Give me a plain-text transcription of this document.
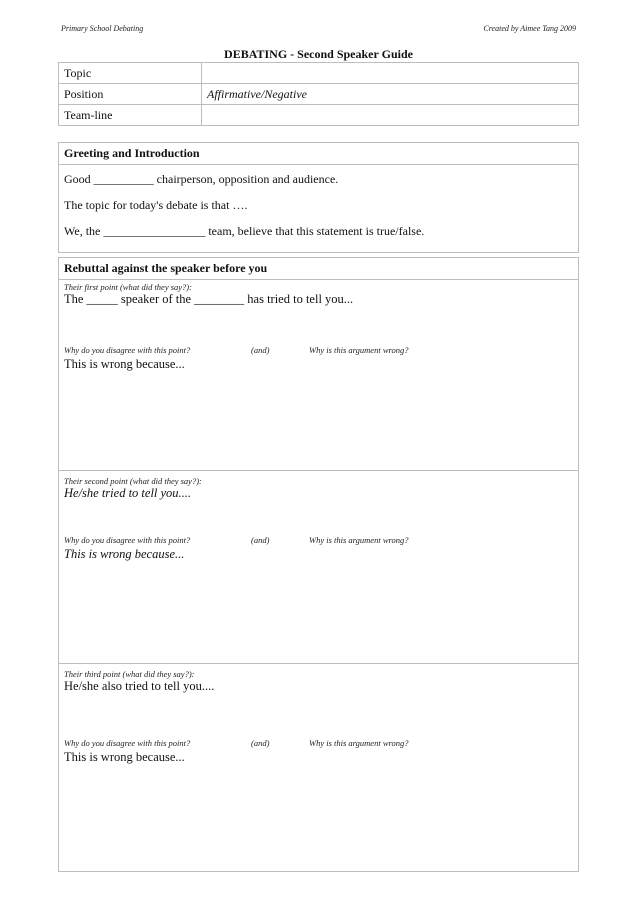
Primary School Debating	Created by Aimee Tang 2009
DEBATING - Second Speaker Guide
Topic	
Position	Affirmative/Negative
Team-line	
Greeting and Introduction
Good __________ chairperson, opposition and audience.
The topic for today's debate is that ….
We, the _________________ team, believe that this statement is true/false.
Rebuttal against the speaker before you
Their first point (what did they say?):
The _____ speaker of the ________ has tried to tell you...
Why do you disagree with this point?	(and)	Why is this argument wrong?
This is wrong because...
Their second point (what did they say?):
He/she tried to tell you....
Why do you disagree with this point?	(and)	Why is this argument wrong?
This is wrong because...
Their third point (what did they say?):
He/she also tried to tell you....
Why do you disagree with this point?	(and)	Why is this argument wrong?
This is wrong because...
